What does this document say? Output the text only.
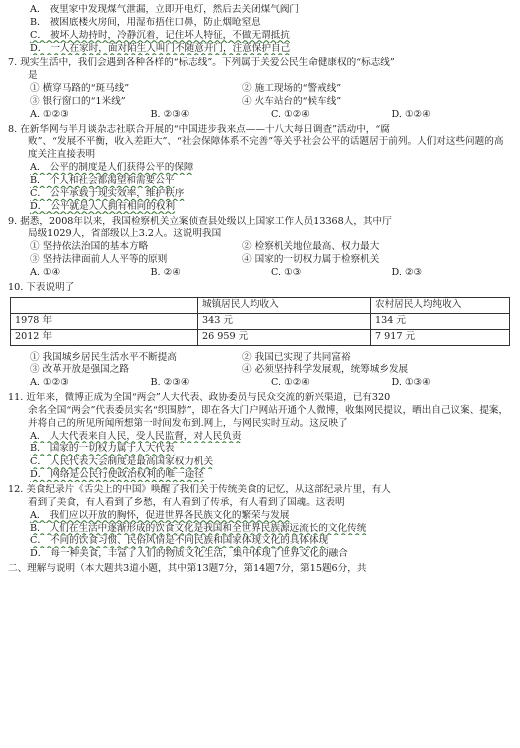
A． 夜里家中发现煤气泄漏，立即开电灯，然后去关闭煤气阀门
B． 被困底楼火房间，用湿布捂住口鼻，防止烟呛窒息
C． 被坏人劫持时，冷静沉着，记住坏人特征，不做无谓抵抗
D． 一人在家时，面对陌生人叫门不随意开门，注意保护自己
7. 现实生活中，我们会遇到各种各样的“标志线”。下列属于关爱公民生命健康权的“标志线”
是
① 横穿马路的“斑马线”	② 施工现场的“警戒线”
③ 银行窗口的“1米线”	④ 火车站台的“候车线”
A. ①②③	B. ②③④	C. ①②④	D. ①②④
8. 在新华网与半月谈杂志社联合开展的“中国进步我来点——十八大每日调查”活动中，“腐
败”、“发展不平衡，收入差距大”、“社会保障体系不完善”等关乎社会公平的话题居于前列。人们对这些问题的高度关注直接表明
A． 公平的制度是人们获得公平的保障
B． 个人和社会都渴望和需要公平
C． 公平承载于现实效率，维护秩序
D． 公平就是人人拥有相同的权利
9. 据悉，2008年以来，我国检察机关立案侦查县处级以上国家工作人员13368人，其中厅
局级1029人，省部级以上3.2人。这说明我国
① 坚持依法治国的基本方略	② 检察机关地位最高、权力最大
③ 坚持法律面前人人平等的原则	④ 国家的一切权力属于检察机关
A. ①④	B. ②④	C. ①③	D. ②③
10. 下表说明了
	城镇居民人均收入	农村居民人均纯收入
1978 年	343 元	134 元
2012 年	26 959 元	7 917 元
① 我国城乡居民生活水平不断提高	② 我国已实现了共同富裕
③ 改革开放是强国之路	④ 必须坚持科学发展观，统筹城乡发展
A. ①②③	B. ②③④	C. ①②④	D. ①③④
11. 近年来，微博正成为全国“两会”人大代表、政协委员与民众交流的新兴渠道，已有320
余名全国“两会”代表委员实名“织围脖”，即在各大门户网站开通个人微博，收集网民提议，晒出自己议案、提案，并将自己的所见所闻所想第一时间发布到.网上，与网民实时互动。这反映了
A． 人大代表来自人民，受人民监督，对人民负责
B． 国家的一切权力属于人大代表
C． 人民代表大会制度是最高国家权力机关
D． 网络是公民行使政治权利的唯一途径
12. 美食纪录片《舌尖上的中国》唤醒了我们关于传统美食的记忆，从这部纪录片里，有人
看到了美食，有人看到了乡愁，有人看到了传承，有人看到了国魂。这表明
A． 我们应以开放的胸怀，促进世界各民族文化的繁荣与发展
B． 人们在生活中逐渐形成的饮食文化是我国和全世界民族源远流长的文化传统
C． 不同的饮食习惯、民俗风情是不同民族和国家体现文化的具体体现
D． 每一种美食，丰富了人们的物质文化生活，集中体现了世界文化的融合
二、理解与说明（本大题共3道小题，其中第13题7分，第14题7分，第15题6分，共
